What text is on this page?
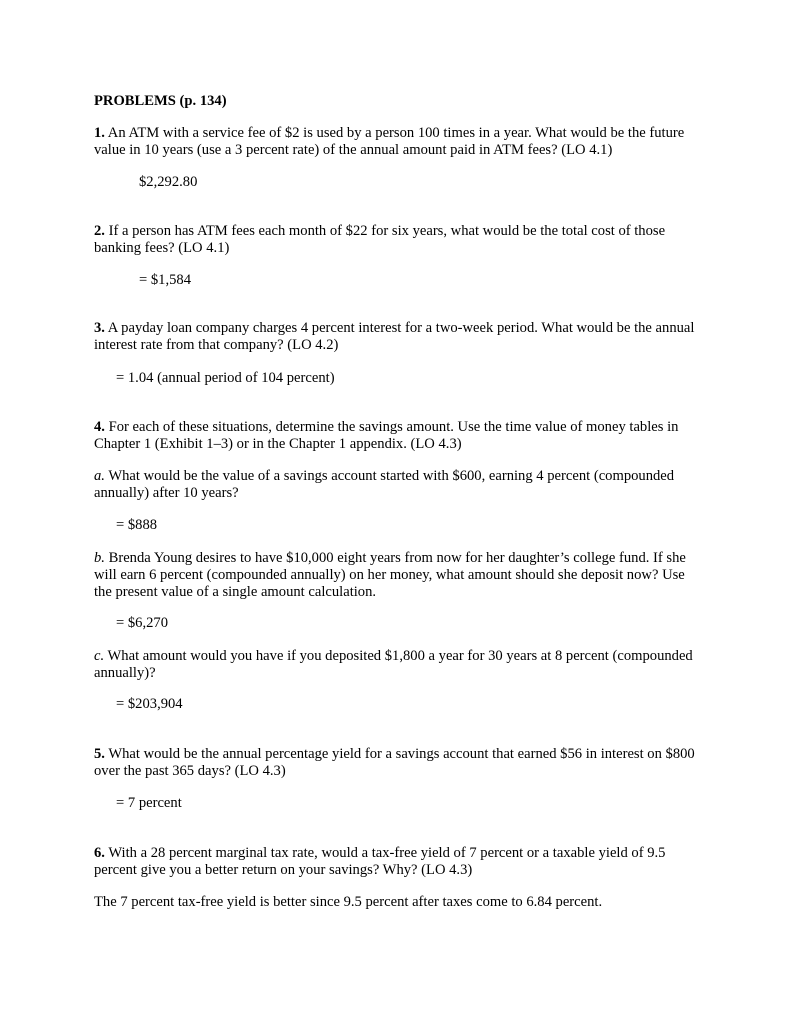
PROBLEMS (p. 134)

1. An ATM with a service fee of $2 is used by a person 100 times in a year. What would be the future value in 10 years (use a 3 percent rate) of the annual amount paid in ATM fees? (LO 4.1)

$2,292.80

2. If a person has ATM fees each month of $22 for six years, what would be the total cost of those banking fees? (LO 4.1)

= $1,584

3. A payday loan company charges 4 percent interest for a two-week period. What would be the annual interest rate from that company? (LO 4.2)

= 1.04 (annual period of 104 percent)

4. For each of these situations, determine the savings amount. Use the time value of money tables in Chapter 1 (Exhibit 1–3) or in the Chapter 1 appendix. (LO 4.3)

a. What would be the value of a savings account started with $600, earning 4 percent (compounded annually) after 10 years?

= $888

b. Brenda Young desires to have $10,000 eight years from now for her daughter’s college fund. If she will earn 6 percent (compounded annually) on her money, what amount should she deposit now? Use the present value of a single amount calculation.

= $6,270

c. What amount would you have if you deposited $1,800 a year for 30 years at 8 percent (compounded annually)?

= $203,904

5. What would be the annual percentage yield for a savings account that earned $56 in interest on $800 over the past 365 days? (LO 4.3)

= 7 percent

6. With a 28 percent marginal tax rate, would a tax-free yield of 7 percent or a taxable yield of 9.5 percent give you a better return on your savings? Why? (LO 4.3)

The 7 percent tax-free yield is better since 9.5 percent after taxes come to 6.84 percent.
